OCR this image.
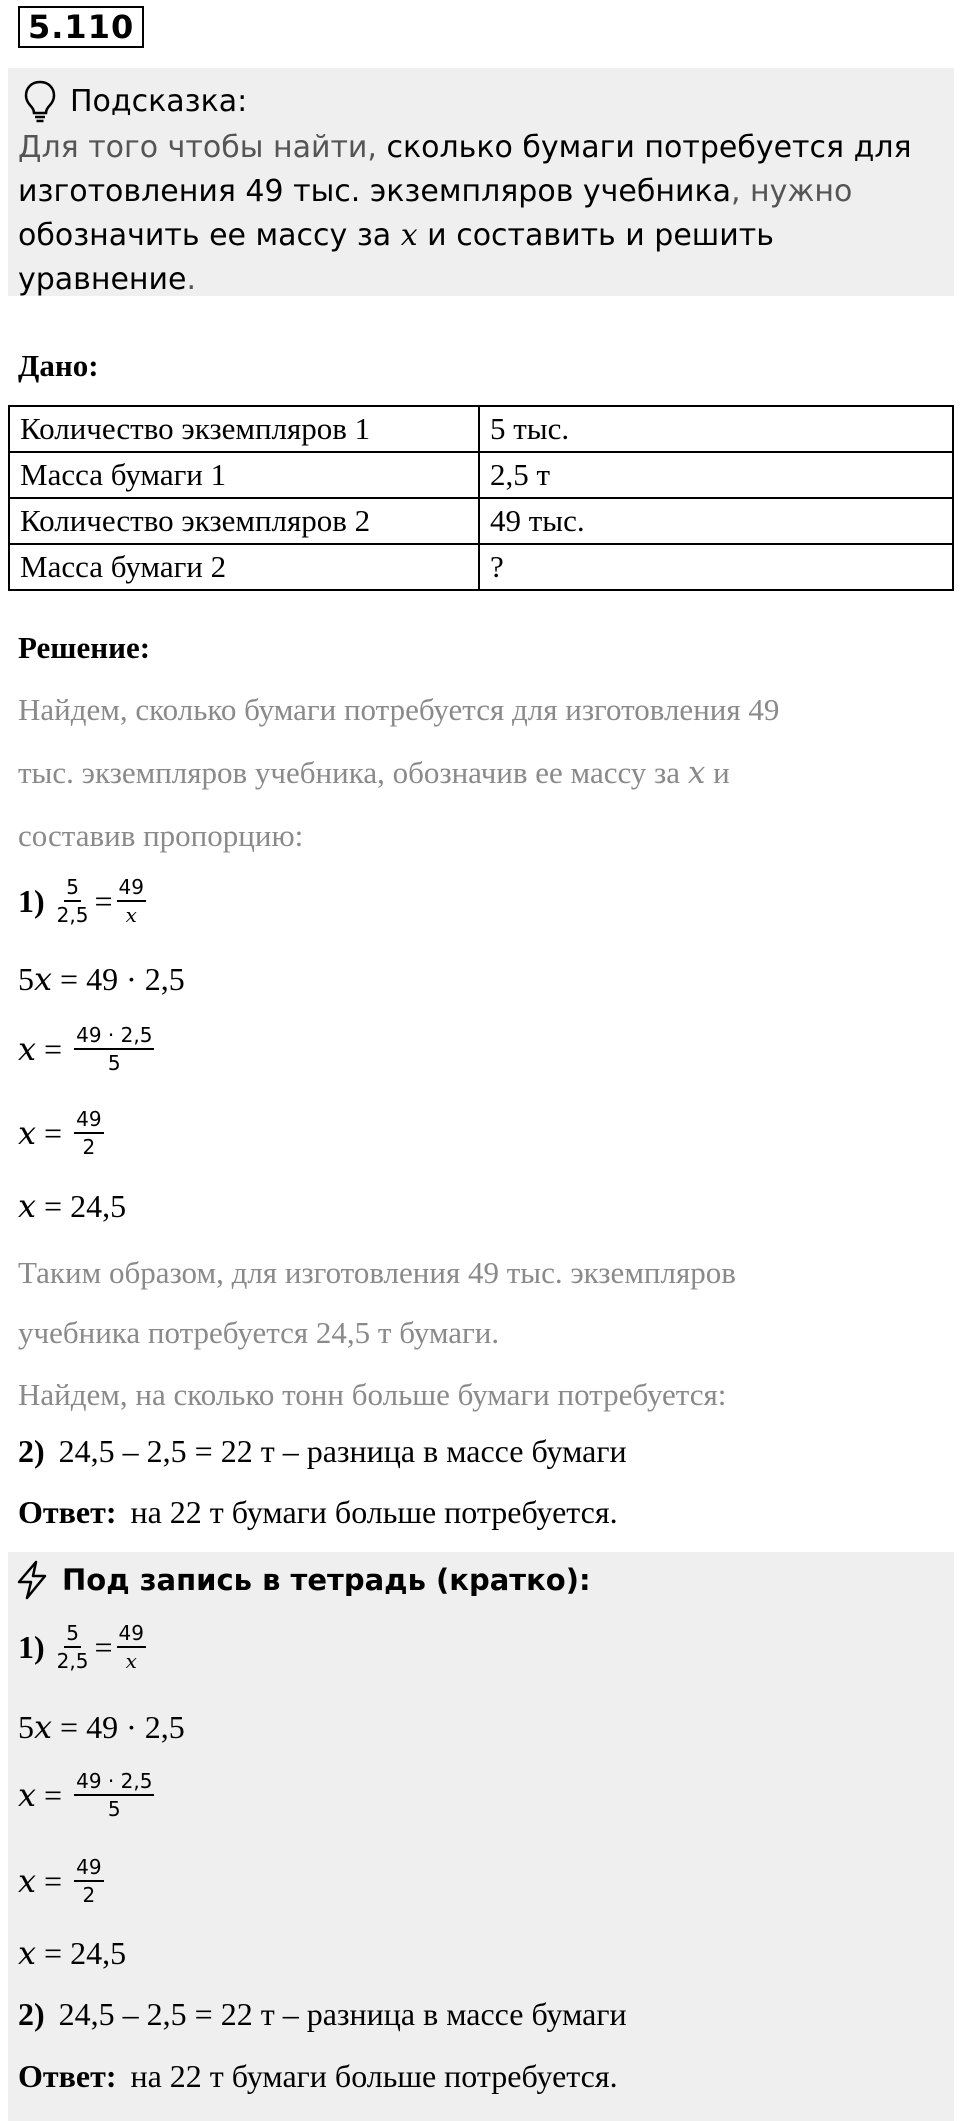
5.110
Подсказка:
Для того чтобы найти, сколько бумаги потребуется для изготовления 49 тыс. экземпляров учебника, нужно обозначить ее массу за x и составить и решить уравнение.
Дано:
Количество экземпляров 1	5 тыс.
Масса бумаги 1	2,5 т
Количество экземпляров 2	49 тыс.
Масса бумаги 2	?
Решение:
Найдем, сколько бумаги потребуется для изготовления 49
тыс. экземпляров учебника, обозначив ее массу за x и
составив пропорцию:
$1) \frac{5}{2,5} = \frac{49}{x}$
5 x = 49 · 2,5
$x = \frac{49 \cdot 2,5}{5}$
$x = \frac{49}{2}$
x = 24,5
Таким образом, для изготовления 49 тыс. экземпляров
учебника потребуется 24,5 т бумаги.
Найдем, на сколько тонн больше бумаги потребуется:
2) 24,5 – 2,5 = 22 т – разница в массе бумаги
Ответ: на 22 т бумаги больше потребуется.
Под запись в тетрадь (кратко):
$1) \frac{5}{2,5} = \frac{49}{x}$
5 x = 49 · 2,5
$x = \frac{49 \cdot 2,5}{5}$
$x = \frac{49}{2}$
x = 24,5
2) 24,5 – 2,5 = 22 т – разница в массе бумаги
Ответ: на 22 т бумаги больше потребуется.
